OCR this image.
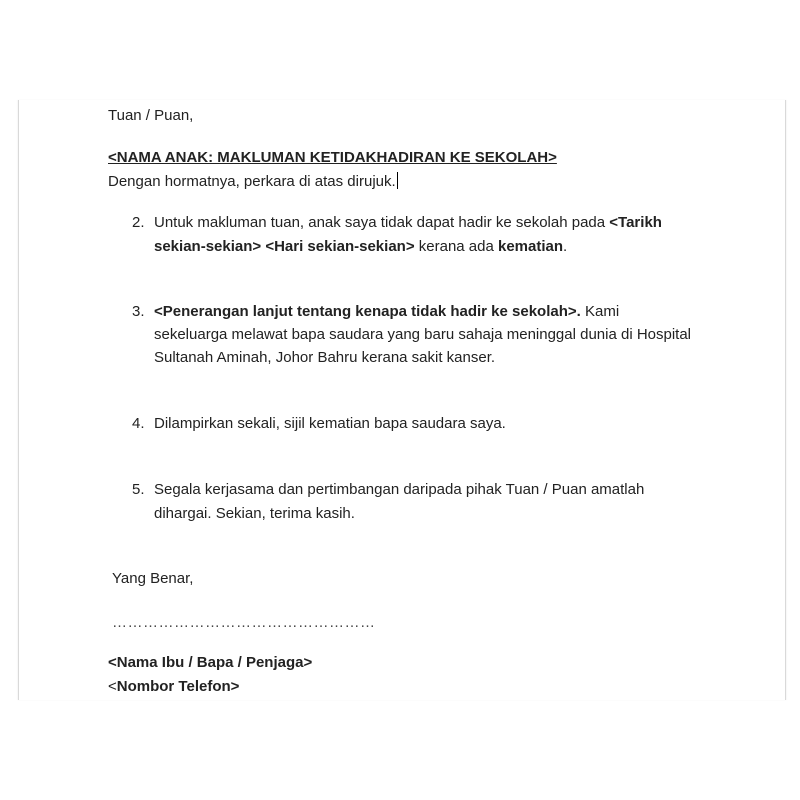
Tuan / Puan,
<NAMA ANAK: MAKLUMAN KETIDAKHADIRAN KE SEKOLAH>
Dengan hormatnya, perkara di atas dirujuk.
2. Untuk makluman tuan, anak saya tidak dapat hadir ke sekolah pada <Tarikh
sekian-sekian> <Hari sekian-sekian> kerana ada kematian.
3. <Penerangan lanjut tentang kenapa tidak hadir ke sekolah>. Kami
sekeluarga melawat bapa saudara yang baru sahaja meninggal dunia di Hospital
Sultanah Aminah, Johor Bahru kerana sakit kanser.
4. Dilampirkan sekali, sijil kematian bapa saudara saya.
5. Segala kerjasama dan pertimbangan daripada pihak Tuan / Puan amatlah
dihargai. Sekian, terima kasih.
Yang Benar,
……………………………………………
<Nama Ibu / Bapa / Penjaga>
<Nombor Telefon>
